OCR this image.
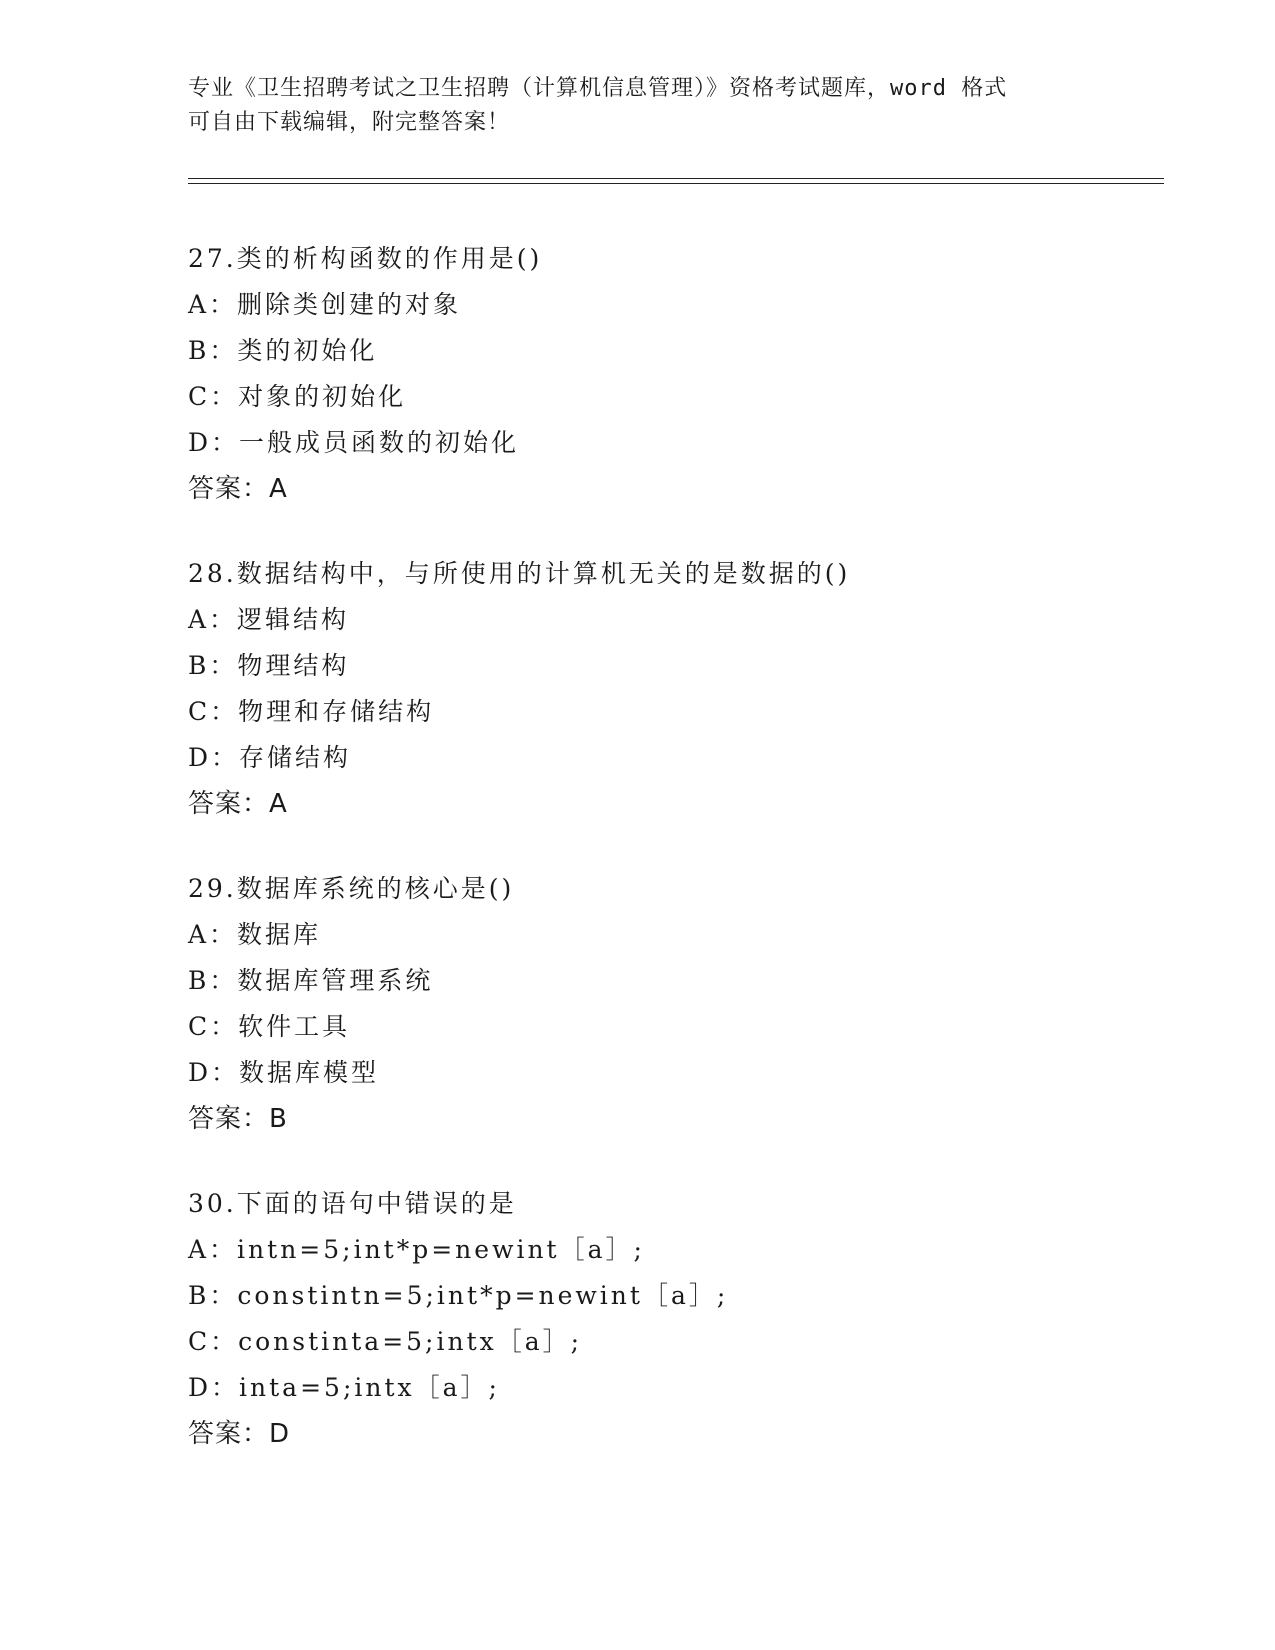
专业《卫生招聘考试之卫生招聘（计算机信息管理）》资格考试题库，word 格式
可自由下载编辑，附完整答案！
27.类的析构函数的作用是()
A：删除类创建的对象
B：类的初始化
C：对象的初始化
D：一般成员函数的初始化
答案：A
28.数据结构中，与所使用的计算机无关的是数据的()
A：逻辑结构
B：物理结构
C：物理和存储结构
D：存储结构
答案：A
29.数据库系统的核心是()
A：数据库
B：数据库管理系统
C：软件工具
D：数据库模型
答案：B
30.下面的语句中错误的是
A：intn=5;int*p=newint［a］;
B：constintn=5;int*p=newint［a］;
C：constinta=5;intx［a］;
D：inta=5;intx［a］;
答案：D
